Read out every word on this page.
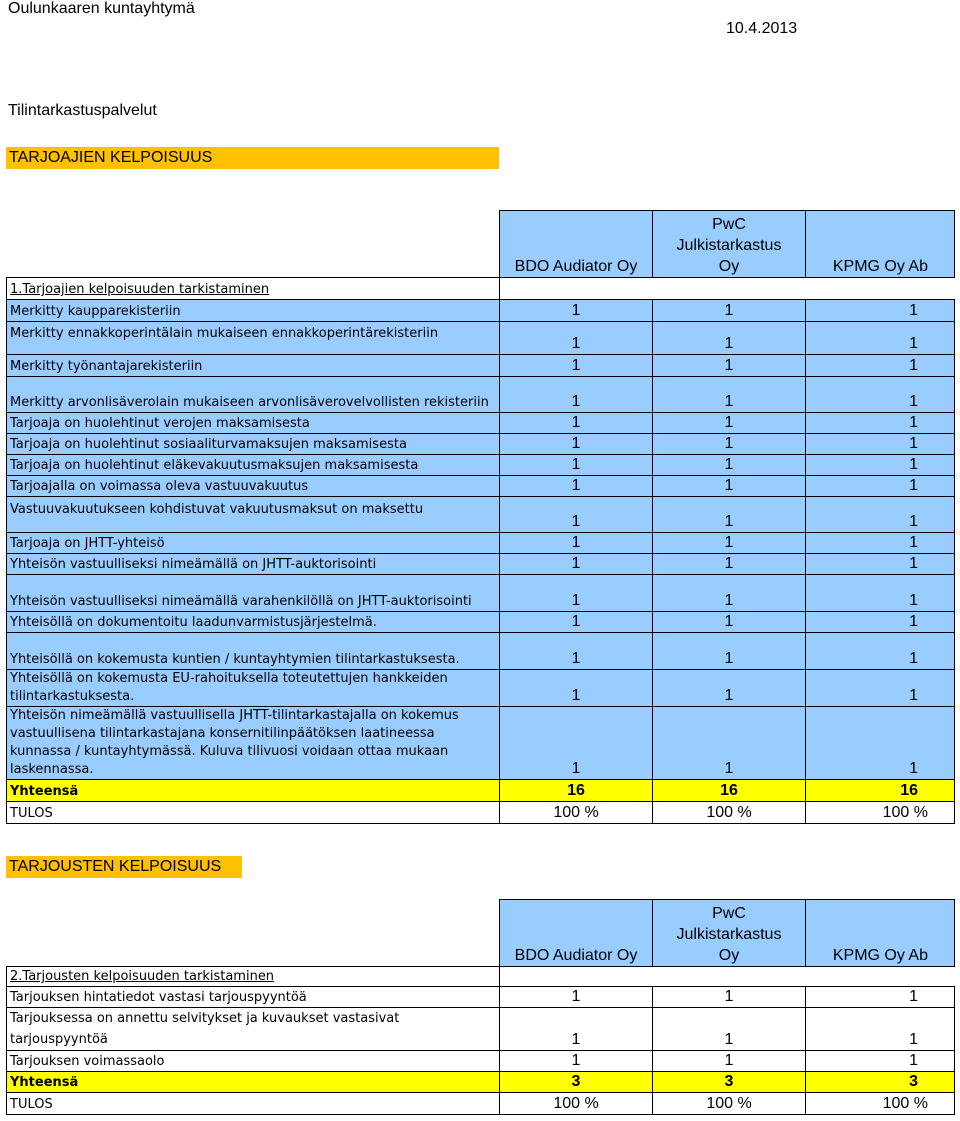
Oulunkaaren kuntayhtymä
10.4.2013
Tilintarkastuspalvelut
TARJOAJIEN KELPOISUUS
	BDO Audiator Oy	PwC Julkistarkastus Oy	KPMG Oy Ab
1.Tarjoajien kelpoisuuden tarkistaminen			
Merkitty kaupparekisteriin	1	1	1
Merkitty ennakkoperintälain mukaiseen ennakkoperintärekisteriin	1	1	1
Merkitty työnantajarekisteriin	1	1	1
Merkitty arvonlisäverolain mukaiseen arvonlisäverovelvollisten rekisteriin	1	1	1
Tarjoaja on huolehtinut verojen maksamisesta	1	1	1
Tarjoaja on huolehtinut sosiaaliturvamaksujen maksamisesta	1	1	1
Tarjoaja on huolehtinut eläkevakuutusmaksujen maksamisesta	1	1	1
Tarjoajalla on voimassa oleva vastuuvakuutus	1	1	1
Vastuuvakuutukseen kohdistuvat vakuutusmaksut on maksettu	1	1	1
Tarjoaja on JHTT-yhteisö	1	1	1
Yhteisön vastuulliseksi nimeämällä on JHTT-auktorisointi	1	1	1
Yhteisön vastuulliseksi nimeämällä varahenkilöllä on JHTT-auktorisointi	1	1	1
Yhteisöllä on dokumentoitu laadunvarmistusjärjestelmä.	1	1	1
Yhteisöllä on kokemusta kuntien / kuntayhtymien tilintarkastuksesta.	1	1	1
Yhteisöllä on kokemusta EU-rahoituksella toteutettujen hankkeiden tilintarkastuksesta.	1	1	1
Yhteisön nimeämällä vastuullisella JHTT-tilintarkastajalla on kokemus vastuullisena tilintarkastajana konsernitilinpäätöksen laatineessa kunnassa / kuntayhtymässä. Kuluva tilivuosi voidaan ottaa mukaan laskennassa.	1	1	1
Yhteensä	16	16	16
TULOS	100 %	100 %	100 %
TARJOUSTEN KELPOISUUS
	BDO Audiator Oy	PwC Julkistarkastus Oy	KPMG Oy Ab
2.Tarjousten kelpoisuuden tarkistaminen			
Tarjouksen hintatiedot vastasi tarjouspyyntöä	1	1	1
Tarjouksessa on annettu selvitykset ja kuvaukset vastasivat tarjouspyyntöä	1	1	1
Tarjouksen voimassaolo	1	1	1
Yhteensä	3	3	3
TULOS	100 %	100 %	100 %
